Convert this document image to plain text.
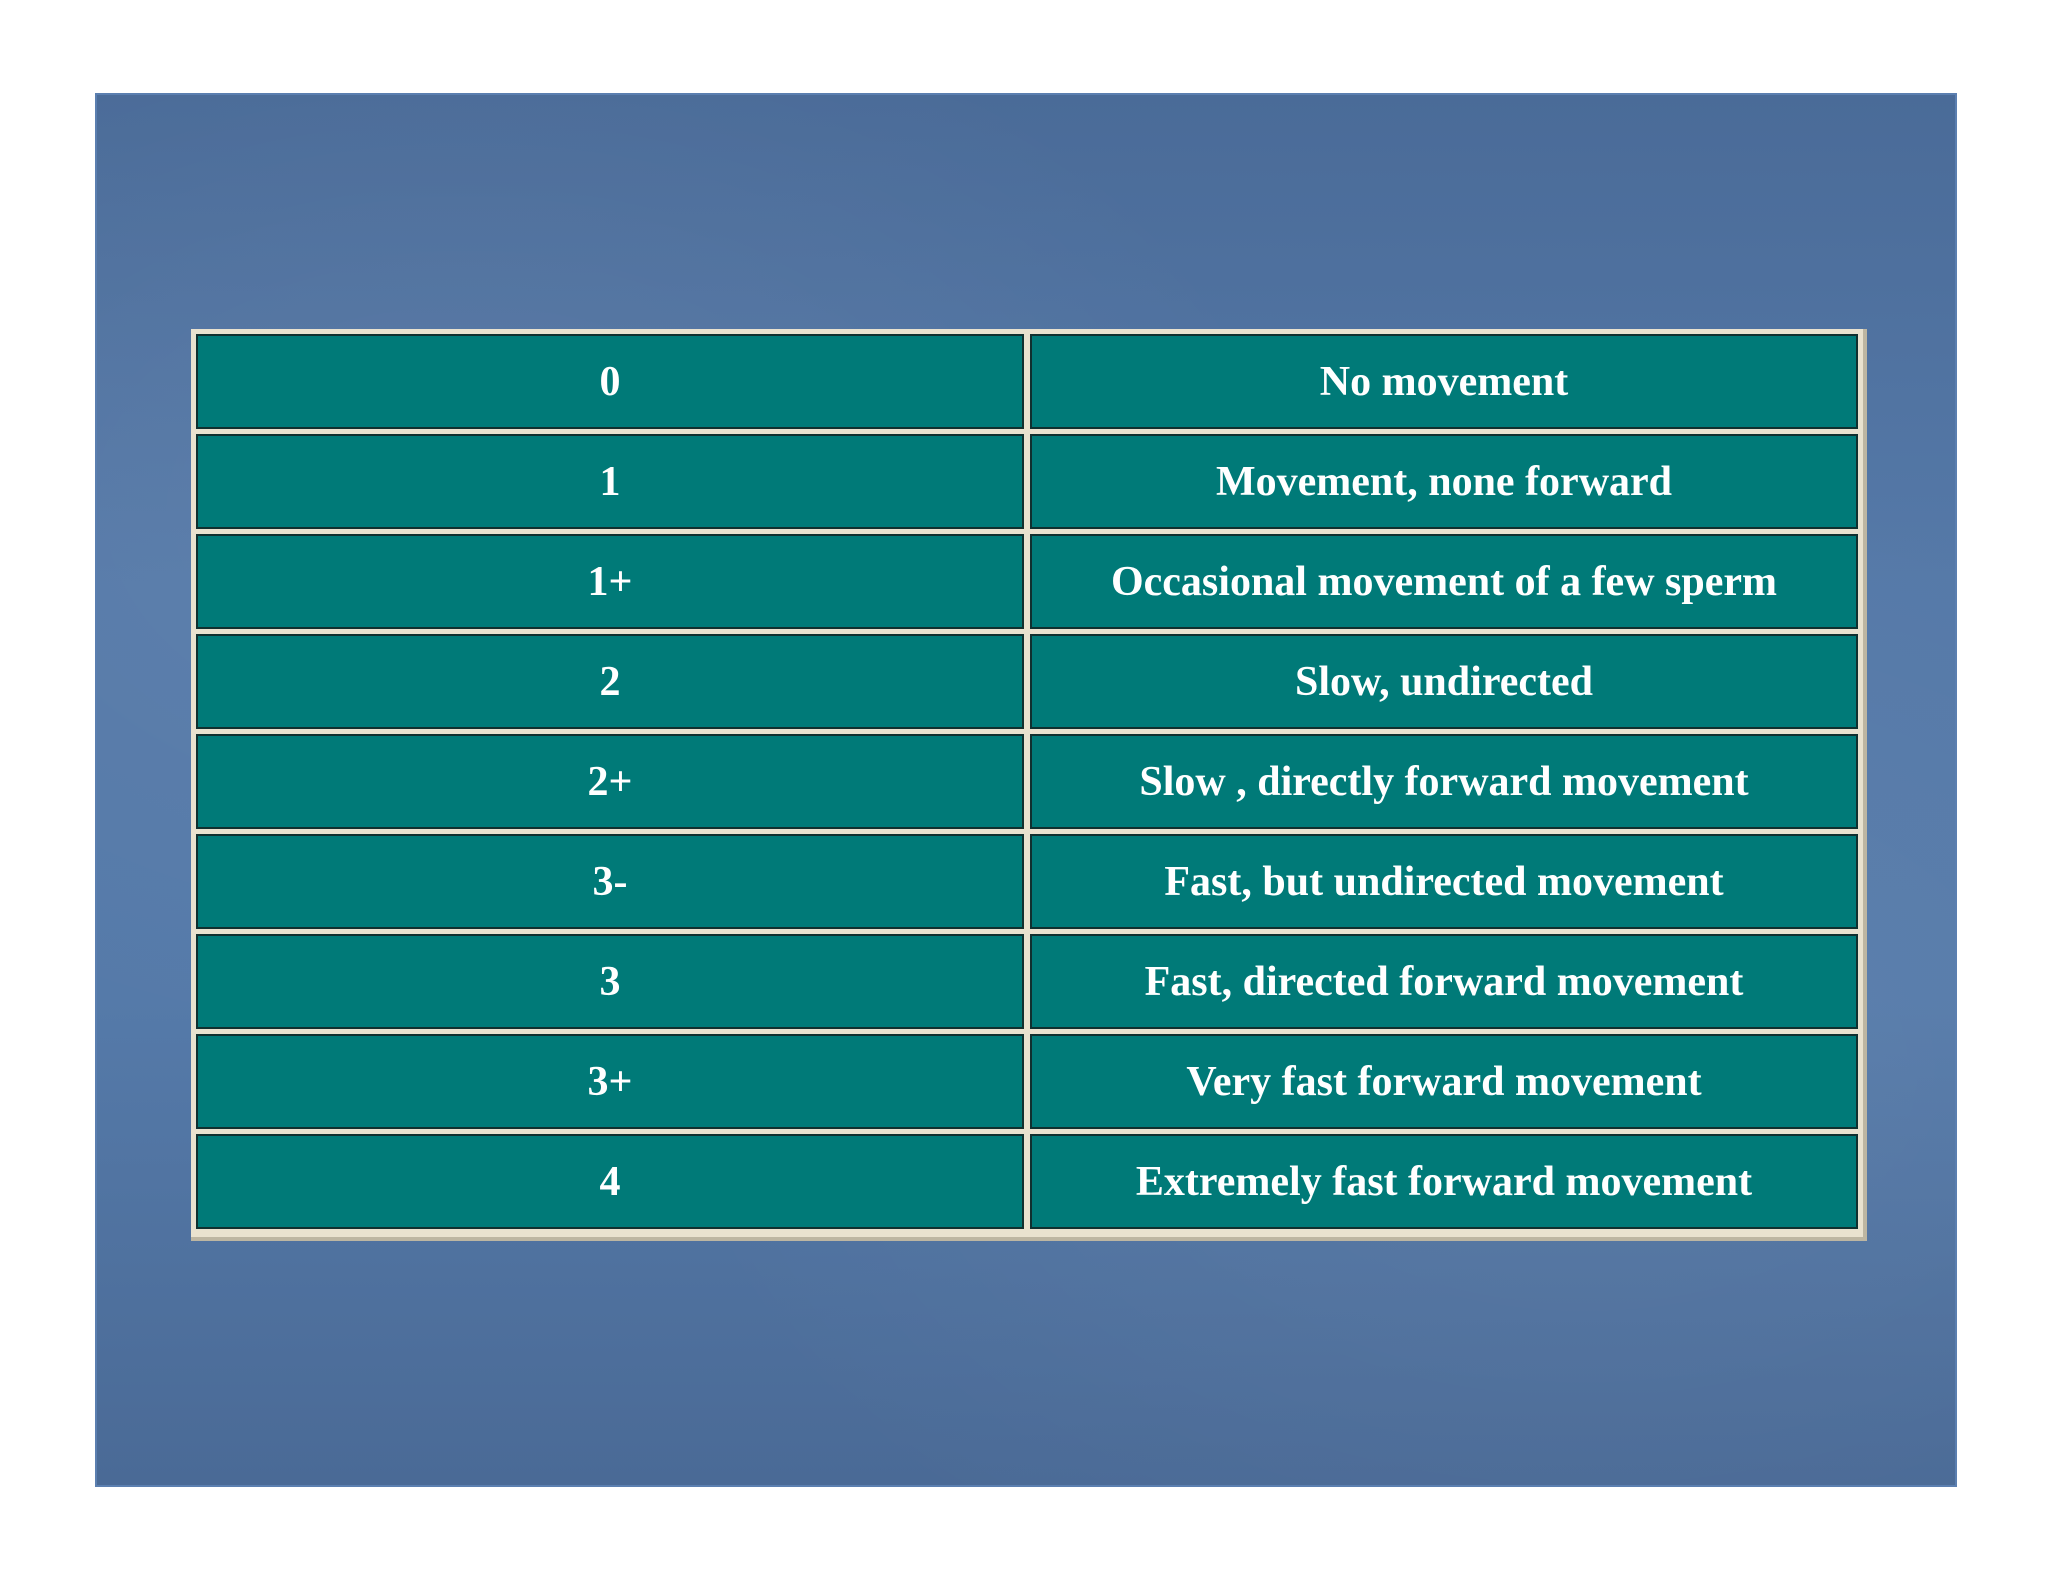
0	No movement
1	Movement, none forward
1+	Occasional movement of a few sperm
2	Slow, undirected
2+	Slow , directly forward movement
3-	Fast, but undirected movement
3	Fast, directed forward movement
3+	Very fast forward movement
4	Extremely fast forward movement
